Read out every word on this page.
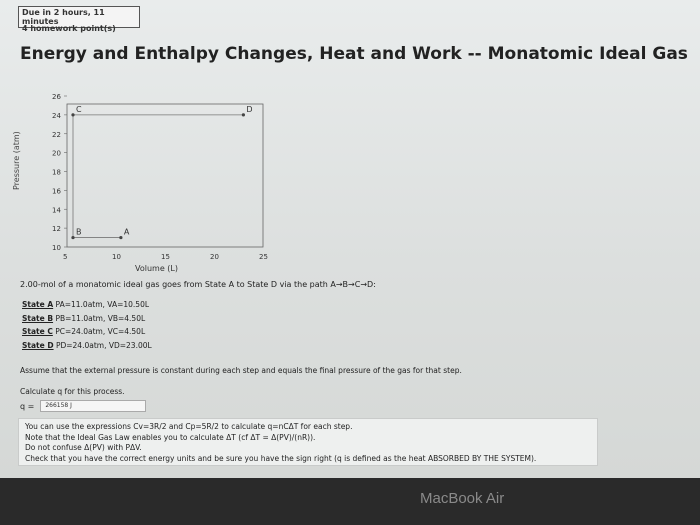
Due in 2 hours, 11 minutes
4 homework point(s)
Energy and Enthalpy Changes, Heat and Work -- Monatomic Ideal Gas
26
24
22
20
18
16
14
12
10
5	10	15	20	25
A
B
C	D
Pressure (atm)
Volume (L)
2.00-mol of a monatomic ideal gas goes from State A to State D via the path A→B→C→D:
State A PA=11.0atm, VA=10.50L
State B PB=11.0atm, VB=4.50L
State C PC=24.0atm, VC=4.50L
State D PD=24.0atm, VD=23.00L
Assume that the external pressure is constant during each step and equals the final pressure of the gas for that step.
Calculate q for this process.
q =	266158 J
You can use the expressions Cv=3R/2 and Cp=5R/2 to calculate q=nCΔT for each step.
Note that the Ideal Gas Law enables you to calculate ΔT (cf ΔT = Δ(PV)/(nR)).
Do not confuse Δ(PV) with PΔV.
Check that you have the correct energy units and be sure you have the sign right (q is defined as the heat ABSORBED BY THE SYSTEM).
MacBook Air
